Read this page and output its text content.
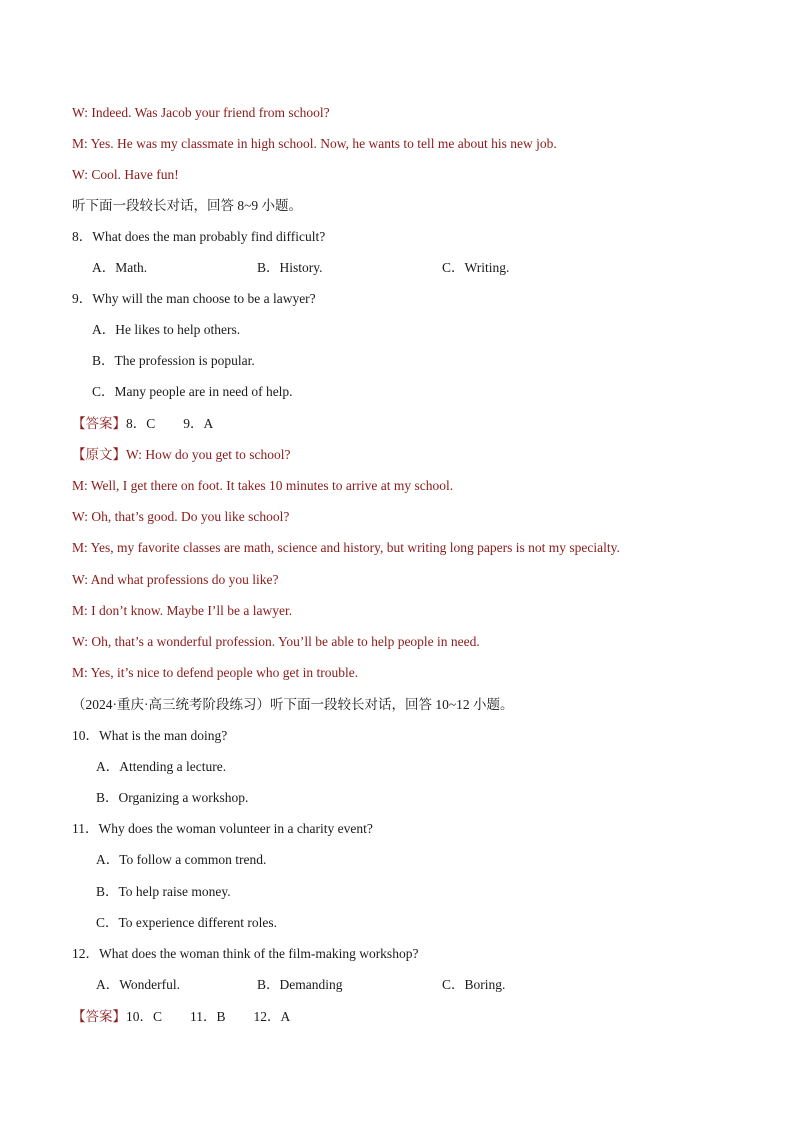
W: Indeed. Was Jacob your friend from school?
M: Yes. He was my classmate in high school. Now, he wants to tell me about his new job.
W: Cool. Have fun!
听下面一段较长对话，回答 8~9 小题。
8．What does the man probably find difficult?
A．Math.	B．History.	C．Writing.
9．Why will the man choose to be a lawyer?
A．He likes to help others.
B．The profession is popular.
C．Many people are in need of help.
【答案】8．C 9．A
【原文】W: How do you get to school?
M: Well, I get there on foot. It takes 10 minutes to arrive at my school.
W: Oh, that’s good. Do you like school?
M: Yes, my favorite classes are math, science and history, but writing long papers is not my specialty.
W: And what professions do you like?
M: I don’t know. Maybe I’ll be a lawyer.
W: Oh, that’s a wonderful profession. You’ll be able to help people in need.
M: Yes, it’s nice to defend people who get in trouble.
（2024·重庆·高三统考阶段练习）听下面一段较长对话，回答 10~12 小题。
10．What is the man doing?
A．Attending a lecture.
B．Organizing a workshop.
11．Why does the woman volunteer in a charity event?
A．To follow a common trend.
B．To help raise money.
C．To experience different roles.
12．What does the woman think of the film-making workshop?
A．Wonderful.	B．Demanding	C．Boring.
【答案】10．C 11．B 12．A
